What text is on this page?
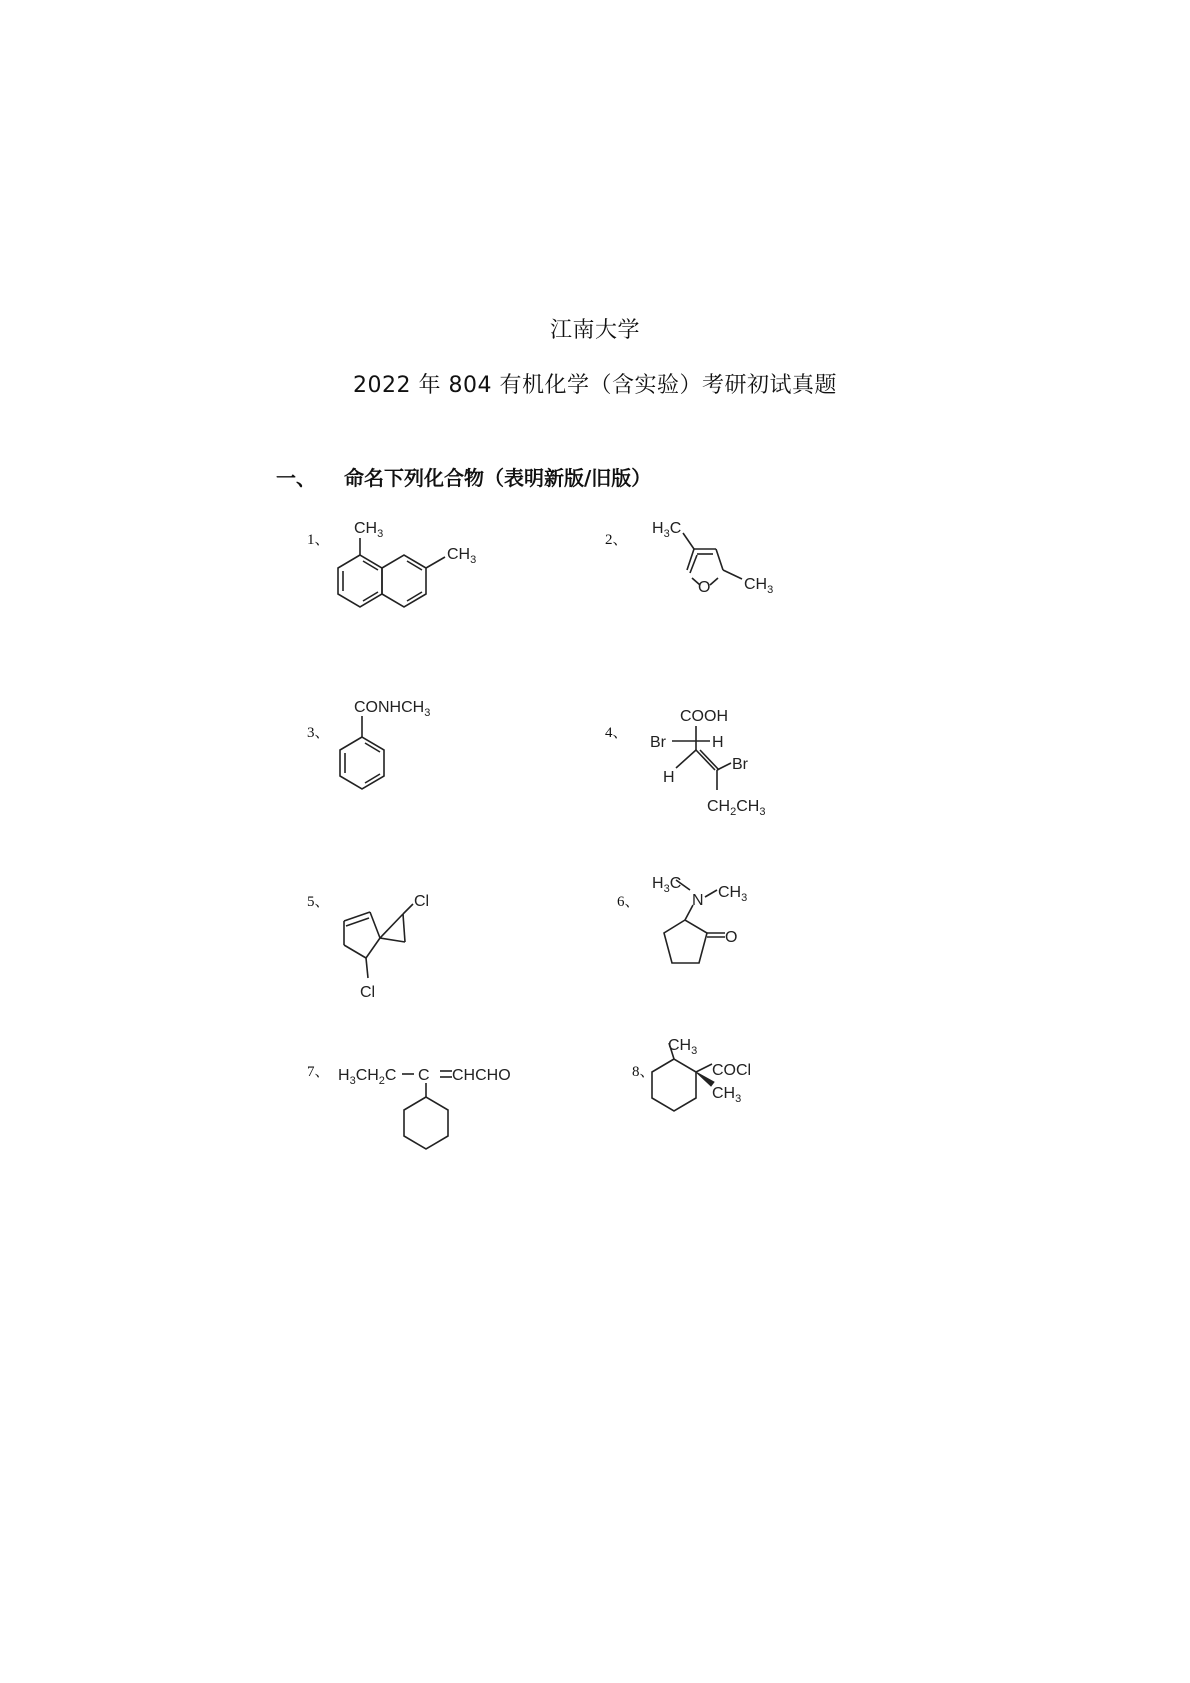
江南大学
2022 年 804 有机化学（含实验）考研初试真题
一、 命名下列化合物（表明新版/旧版）
1、	2、
3、	4、
5、	6、
7、	8、
$CH_3$
$CH_3$
O
$H_3C$
$CH_3$
$CONHCH_3$	COOH
Br	H
H
Br
$CH_2CH_3$
Cl
Cl
N
O
$H_3C$
$CH_3$
$H_3CH_2C$ C CHCHO
$CH_3$
COCl
$CH_3$
